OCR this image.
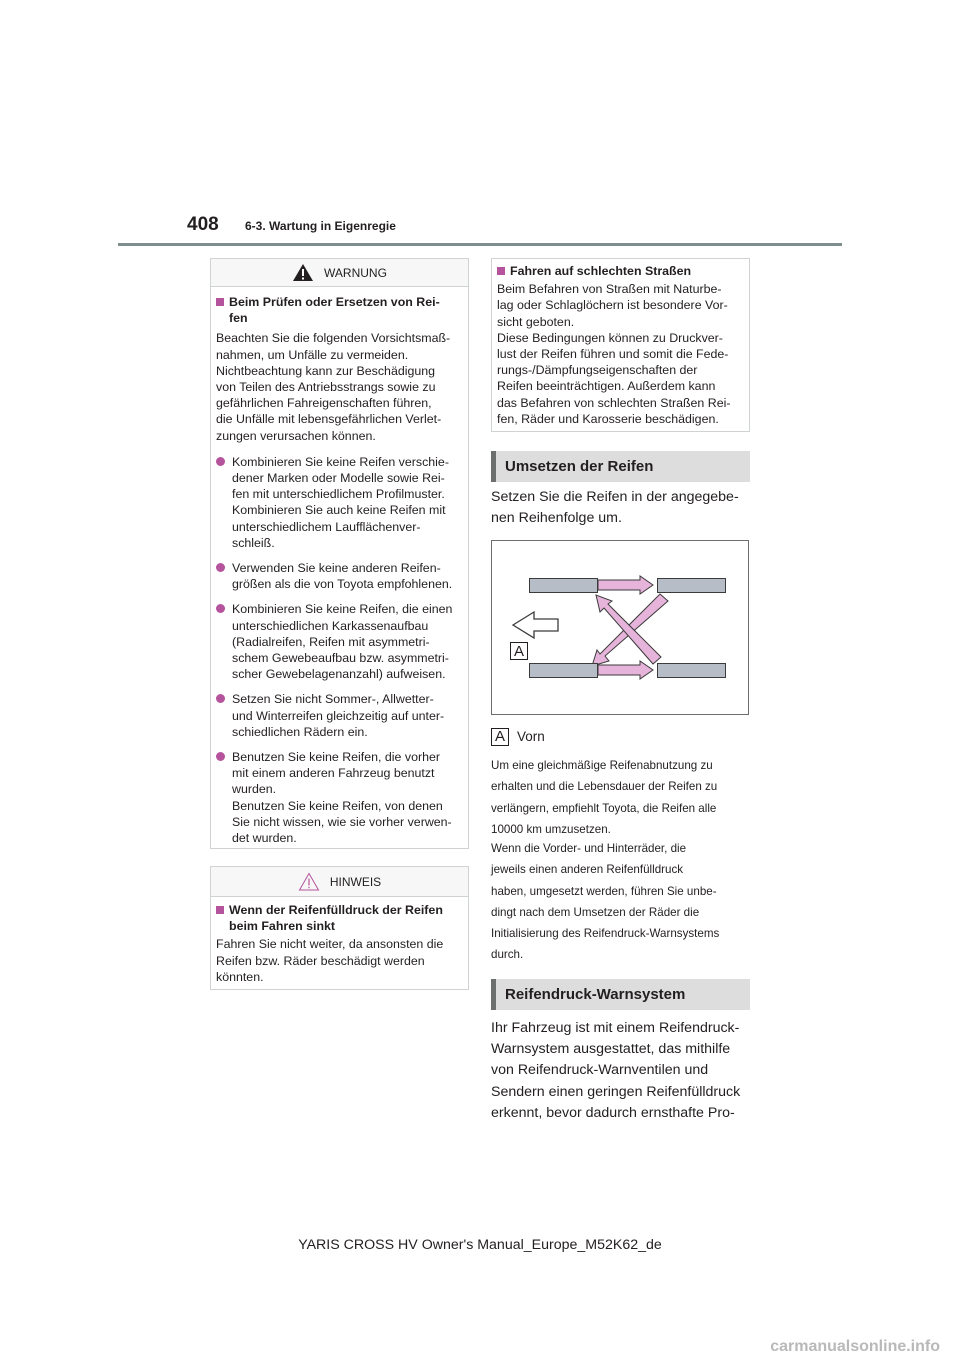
408 6-3. Wartung in Eigenregie
WARNUNG
Beim Prüfen oder Ersetzen von Rei-
fen
Beachten Sie die folgenden Vorsichtsmaß-
nahmen, um Unfälle zu vermeiden.
Nichtbeachtung kann zur Beschädigung
von Teilen des Antriebsstrangs sowie zu
gefährlichen Fahreigenschaften führen,
die Unfälle mit lebensgefährlichen Verlet-
zungen verursachen können.
Kombinieren Sie keine Reifen verschie-
dener Marken oder Modelle sowie Rei-
fen mit unterschiedlichem Profilmuster.
Kombinieren Sie auch keine Reifen mit
unterschiedlichem Laufflächenver-
schleiß.
Verwenden Sie keine anderen Reifen-
größen als die von Toyota empfohlenen.
Kombinieren Sie keine Reifen, die einen
unterschiedlichen Karkassenaufbau
(Radialreifen, Reifen mit asymmetri-
schem Gewebeaufbau bzw. asymmetri-
scher Gewebelagenanzahl) aufweisen.
Setzen Sie nicht Sommer-, Allwetter-
und Winterreifen gleichzeitig auf unter-
schiedlichen Rädern ein.
Benutzen Sie keine Reifen, die vorher
mit einem anderen Fahrzeug benutzt
wurden.
Benutzen Sie keine Reifen, von denen
Sie nicht wissen, wie sie vorher verwen-
det wurden.
HINWEIS
Wenn der Reifenfülldruck der Reifen
beim Fahren sinkt
Fahren Sie nicht weiter, da ansonsten die
Reifen bzw. Räder beschädigt werden
könnten.
Fahren auf schlechten Straßen
Beim Befahren von Straßen mit Naturbe-
lag oder Schlaglöchern ist besondere Vor-
sicht geboten.
Diese Bedingungen können zu Druckver-
lust der Reifen führen und somit die Fede-
rungs-/Dämpfungseigenschaften der
Reifen beeinträchtigen. Außerdem kann
das Befahren von schlechten Straßen Rei-
fen, Räder und Karosserie beschädigen.
Umsetzen der Reifen
Setzen Sie die Reifen in der angegebe-
nen Reihenfolge um.
A
A Vorn
Um eine gleichmäßige Reifenabnutzung zu
erhalten und die Lebensdauer der Reifen zu
verlängern, empfiehlt Toyota, die Reifen alle
10000 km umzusetzen.
Wenn die Vorder- und Hinterräder, die
jeweils einen anderen Reifenfülldruck
haben, umgesetzt werden, führen Sie unbe-
dingt nach dem Umsetzen der Räder die
Initialisierung des Reifendruck-Warnsystems
durch.
Reifendruck-Warnsystem
Ihr Fahrzeug ist mit einem Reifendruck-
Warnsystem ausgestattet, das mithilfe
von Reifendruck-Warnventilen und
Sendern einen geringen Reifenfülldruck
erkennt, bevor dadurch ernsthafte Pro-
YARIS CROSS HV Owner's Manual_Europe_M52K62_de
carmanualsonline.info
